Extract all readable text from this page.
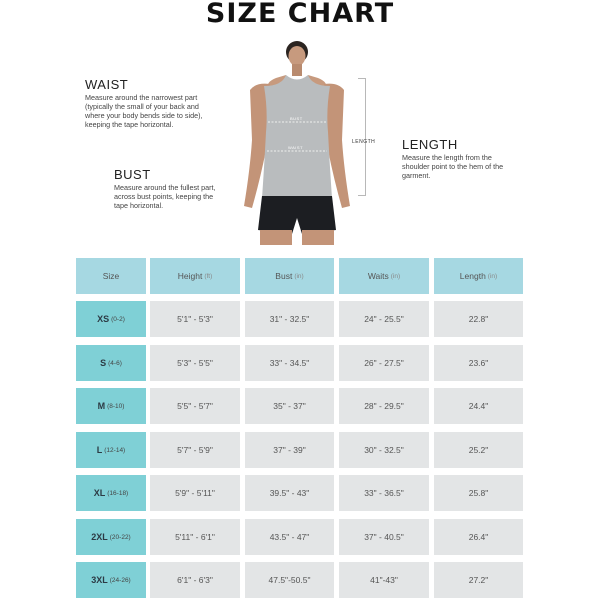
SIZE CHART
WAIST
Measure around the narrowest part
(typically the small of your back and
where your body bends side to side),
keeping the tape horizontal.
BUST
Measure around the fullest part,
across bust points, keeping the
tape horizontal.
LENGTH
Measure the length from the
shoulder point to the hem of the
garment.
LENGTH
BUST
WAIST
Size	Height (ft)	Bust (in)	Waits (in)	Length (in)
XS (0-2)	5'1" - 5'3"	31" - 32.5"	24" - 25.5"	22.8"
S (4-6)	5'3" - 5'5"	33" - 34.5"	26" - 27.5"	23.6"
M (8-10)	5'5" - 5'7"	35" - 37"	28" - 29.5"	24.4"
L (12-14)	5'7" - 5'9"	37" - 39"	30" - 32.5"	25.2"
XL (16-18)	5'9" - 5'11"	39.5" - 43"	33" - 36.5"	25.8"
2XL (20-22)	5'11" - 6'1"	43.5" - 47"	37" - 40.5"	26.4"
3XL (24-26)	6'1" - 6'3"	47.5"-50.5"	41"-43"	27.2"
